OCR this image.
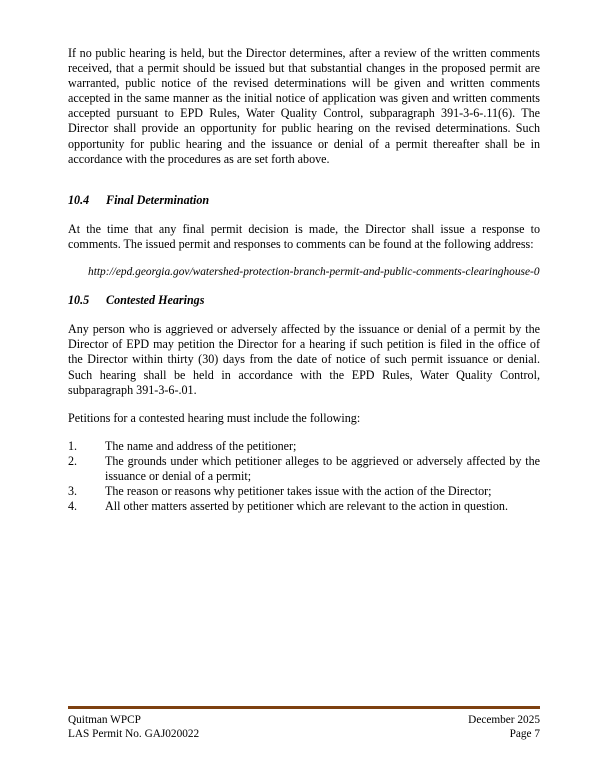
If no public hearing is held, but the Director determines, after a review of the written comments received, that a permit should be issued but that substantial changes in the proposed permit are warranted, public notice of the revised determinations will be given and written comments accepted in the same manner as the initial notice of application was given and written comments accepted pursuant to EPD Rules, Water Quality Control, subparagraph 391-3-6-.11(6). The Director shall provide an opportunity for public hearing on the revised determinations. Such opportunity for public hearing and the issuance or denial of a permit thereafter shall be in accordance with the procedures as are set forth above.

10.4	Final Determination

At the time that any final permit decision is made, the Director shall issue a response to comments. The issued permit and responses to comments can be found at the following address:

http://epd.georgia.gov/watershed-protection-branch-permit-and-public-comments-clearinghouse-0

10.5	Contested Hearings

Any person who is aggrieved or adversely affected by the issuance or denial of a permit by the Director of EPD may petition the Director for a hearing if such petition is filed in the office of the Director within thirty (30) days from the date of notice of such permit issuance or denial. Such hearing shall be held in accordance with the EPD Rules, Water Quality Control, subparagraph 391-3-6-.01.

Petitions for a contested hearing must include the following:

1.	The name and address of the petitioner;
2.	The grounds under which petitioner alleges to be aggrieved or adversely affected by the issuance or denial of a permit;
3.	The reason or reasons why petitioner takes issue with the action of the Director;
4.	All other matters asserted by petitioner which are relevant to the action in question.
Quitman WPCP	December 2025
LAS Permit No. GAJ020022	Page 7
